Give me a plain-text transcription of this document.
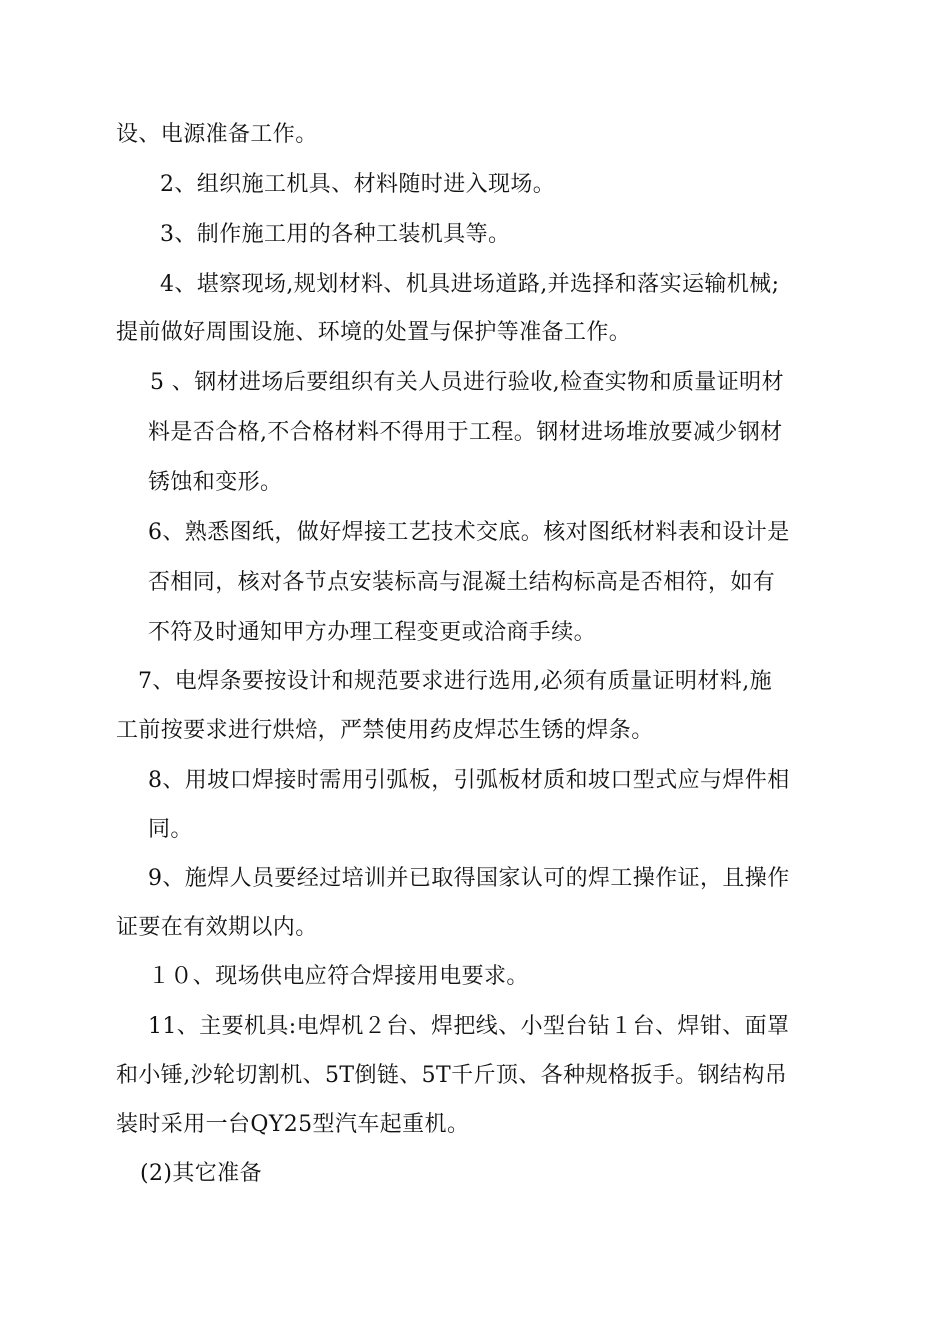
设、电源准备工作。
2、组织施工机具、材料随时进入现场。
3、制作施工用的各种工装机具等。
4、堪察现场,规划材料、机具进场道路,并选择和落实运输机械;
提前做好周围设施、环境的处置与保护等准备工作。
5 、钢材进场后要组织有关人员进行验收,检查实物和质量证明材
料是否合格,不合格材料不得用于工程。钢材进场堆放要减少钢材
锈蚀和变形。
6、熟悉图纸，做好焊接工艺技术交底。核对图纸材料表和设计是
否相同，核对各节点安装标高与混凝土结构标高是否相符，如有
不符及时通知甲方办理工程变更或洽商手续。
7、电焊条要按设计和规范要求进行选用,必须有质量证明材料,施
工前按要求进行烘焙，严禁使用药皮焊芯生锈的焊条。
8、用坡口焊接时需用引弧板，引弧板材质和坡口型式应与焊件相
同。
9、施焊人员要经过培训并已取得国家认可的焊工操作证，且操作
证要在有效期以内。
１０、现场供电应符合焊接用电要求。
11、主要机具:电焊机２台、焊把线、小型台钻１台、焊钳、面罩
和小锤,沙轮切割机、5T倒链、5T千斤顶、各种规格扳手。钢结构吊
装时采用一台QY25型汽车起重机。
(2)其它准备
